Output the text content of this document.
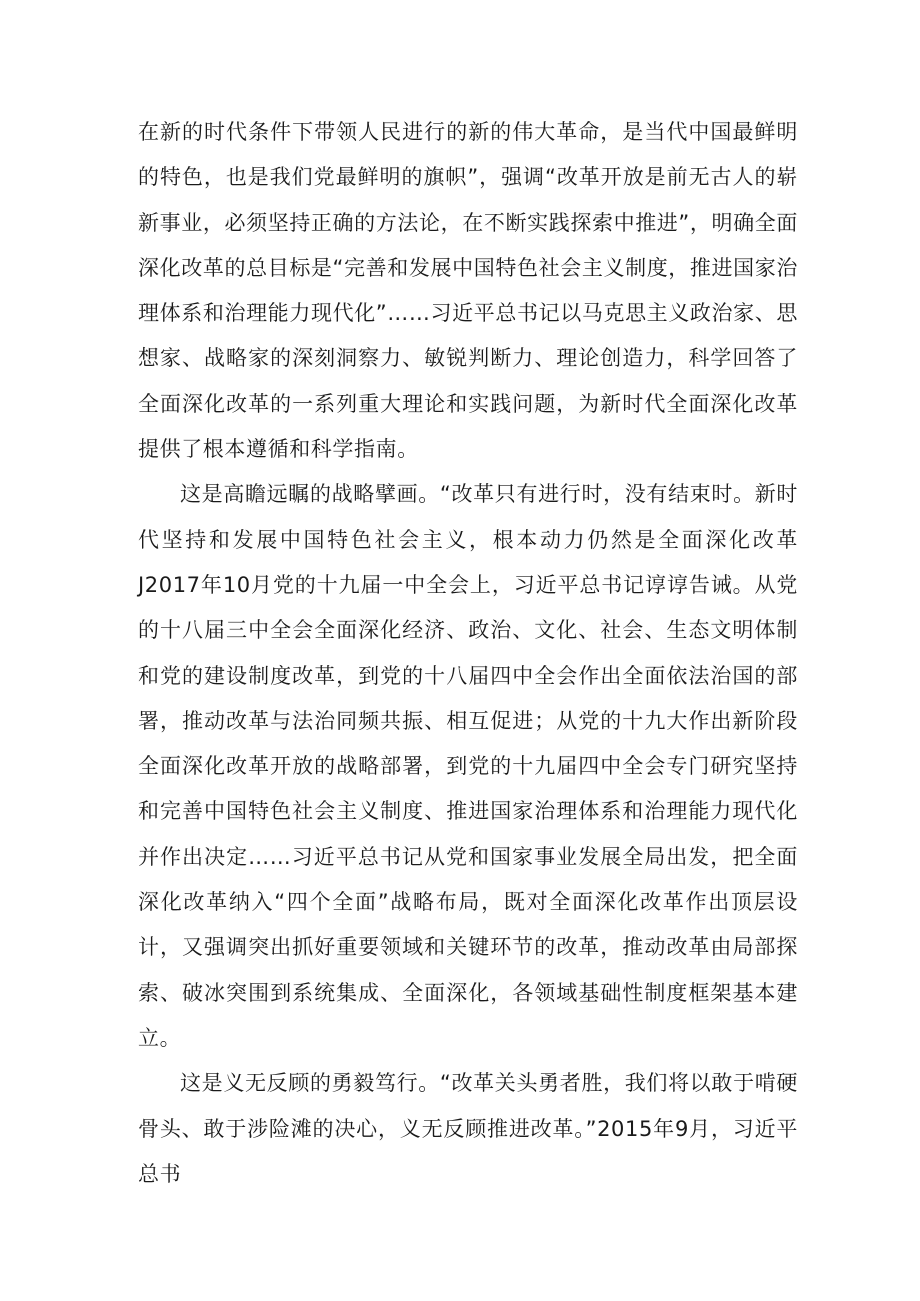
在新的时代条件下带领人民进行的新的伟大革命，是当代中国最鲜明的特色，也是我们党最鲜明的旗帜”，强调“改革开放是前无古人的崭新事业，必须坚持正确的方法论，在不断实践探索中推进”，明确全面深化改革的总目标是“完善和发展中国特色社会主义制度，推进国家治理体系和治理能力现代化”……习近平总书记以马克思主义政治家、思想家、战略家的深刻洞察力、敏锐判断力、理论创造力，科学回答了全面深化改革的一系列重大理论和实践问题，为新时代全面深化改革提供了根本遵循和科学指南。

这是高瞻远瞩的战略擘画。“改革只有进行时，没有结束时。新时代坚持和发展中国特色社会主义，根本动力仍然是全面深化改革J2017年10月党的十九届一中全会上，习近平总书记谆谆告诫。从党的十八届三中全会全面深化经济、政治、文化、社会、生态文明体制和党的建设制度改革，到党的十八届四中全会作出全面依法治国的部署，推动改革与法治同频共振、相互促进；从党的十九大作出新阶段全面深化改革开放的战略部署，到党的十九届四中全会专门研究坚持和完善中国特色社会主义制度、推进国家治理体系和治理能力现代化并作出决定……习近平总书记从党和国家事业发展全局出发，把全面深化改革纳入“四个全面”战略布局，既对全面深化改革作出顶层设计，又强调突出抓好重要领域和关键环节的改革，推动改革由局部探索、破冰突围到系统集成、全面深化，各领域基础性制度框架基本建立。

这是义无反顾的勇毅笃行。“改革关头勇者胜，我们将以敢于啃硬骨头、敢于涉险滩的决心，义无反顾推进改革。”2015年9月，习近平总书
